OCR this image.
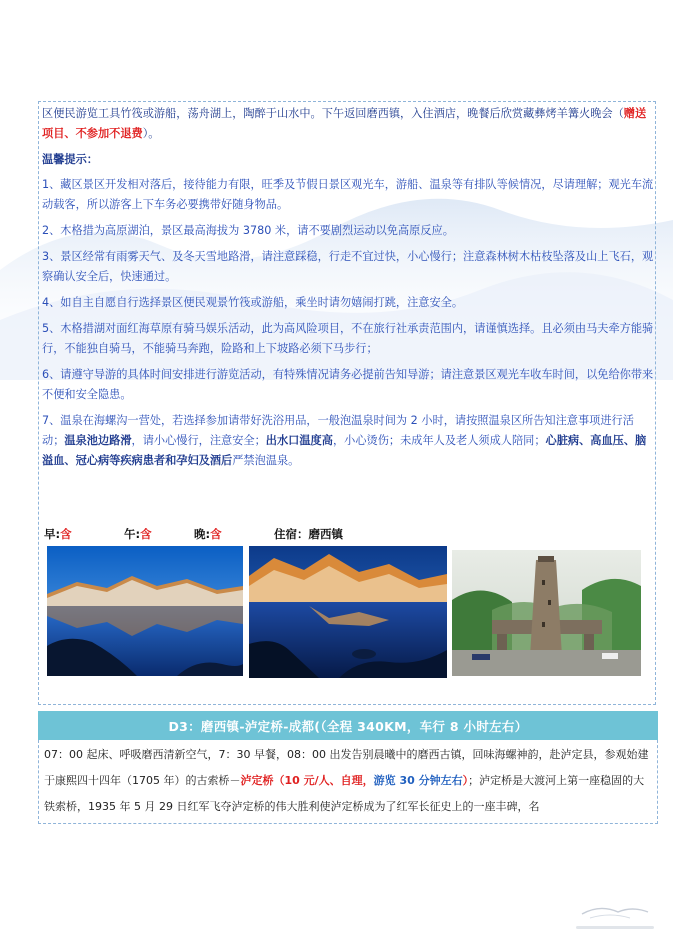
区便民游览工具竹筏或游船，荡舟湖上，陶醉于山水中。下午返回磨西镇，入住酒店，晚餐后欣赏藏彝烤羊篝火晚会（赠送项目、不参加不退费）。

温馨提示：

1、藏区景区开发相对落后，接待能力有限，旺季及节假日景区观光车，游船、温泉等有排队等候情况，尽请理解；观光车流动载客，所以游客上下车务必要携带好随身物品。

2、木格措为高原湖泊，景区最高海拔为 3780 米，请不要剧烈运动以免高原反应。

3、景区经常有雨雾天气、及冬天雪地路滑，请注意踩稳，行走不宜过快，小心慢行；注意森林树木枯枝坠落及山上飞石，观察确认安全后，快速通过。

4、如自主自愿自行选择景区便民观景竹筏或游船，乘坐时请勿嬉闹打跳，注意安全。

5、木格措湖对面红海草原有骑马娱乐活动，此为高风险项目，不在旅行社承责范围内，请谨慎选择。且必须由马夫牵方能骑行，不能独自骑马，不能骑马奔跑，险路和上下坡路必须下马步行；

6、请遵守导游的具体时间安排进行游览活动，有特殊情况请务必提前告知导游；请注意景区观光车收车时间，以免给你带来不便和安全隐患。

7、温泉在海螺沟一营处，若选择参加请带好洗浴用品，一般泡温泉时间为 2 小时，请按照温泉区所告知注意事项进行活动；温泉池边路滑，请小心慢行，注意安全；出水口温度高，小心烫伤；未成年人及老人须成人陪同；心脏病、高血压、脑溢血、冠心病等疾病患者和孕妇及酒后严禁泡温泉。

早:含	午:含	晚:含	住宿：磨西镇
D3：磨西镇-泸定桥-成都(（全程 340KM，车行 8 小时左右）
07：00 起床、呼吸磨西清新空气，7：30 早餐，08：00 出发告别晨曦中的磨西古镇，回味海螺神韵，赴泸定县，参观始建于康熙四十四年（1705 年）的古索桥－泸定桥（10 元/人、自理，游览 30 分钟左右）；泸定桥是大渡河上第一座稳固的大铁索桥，1935 年 5 月 29 日红军飞夺泸定桥的伟大胜利使泸定桥成为了红军长征史上的一座丰碑，名
